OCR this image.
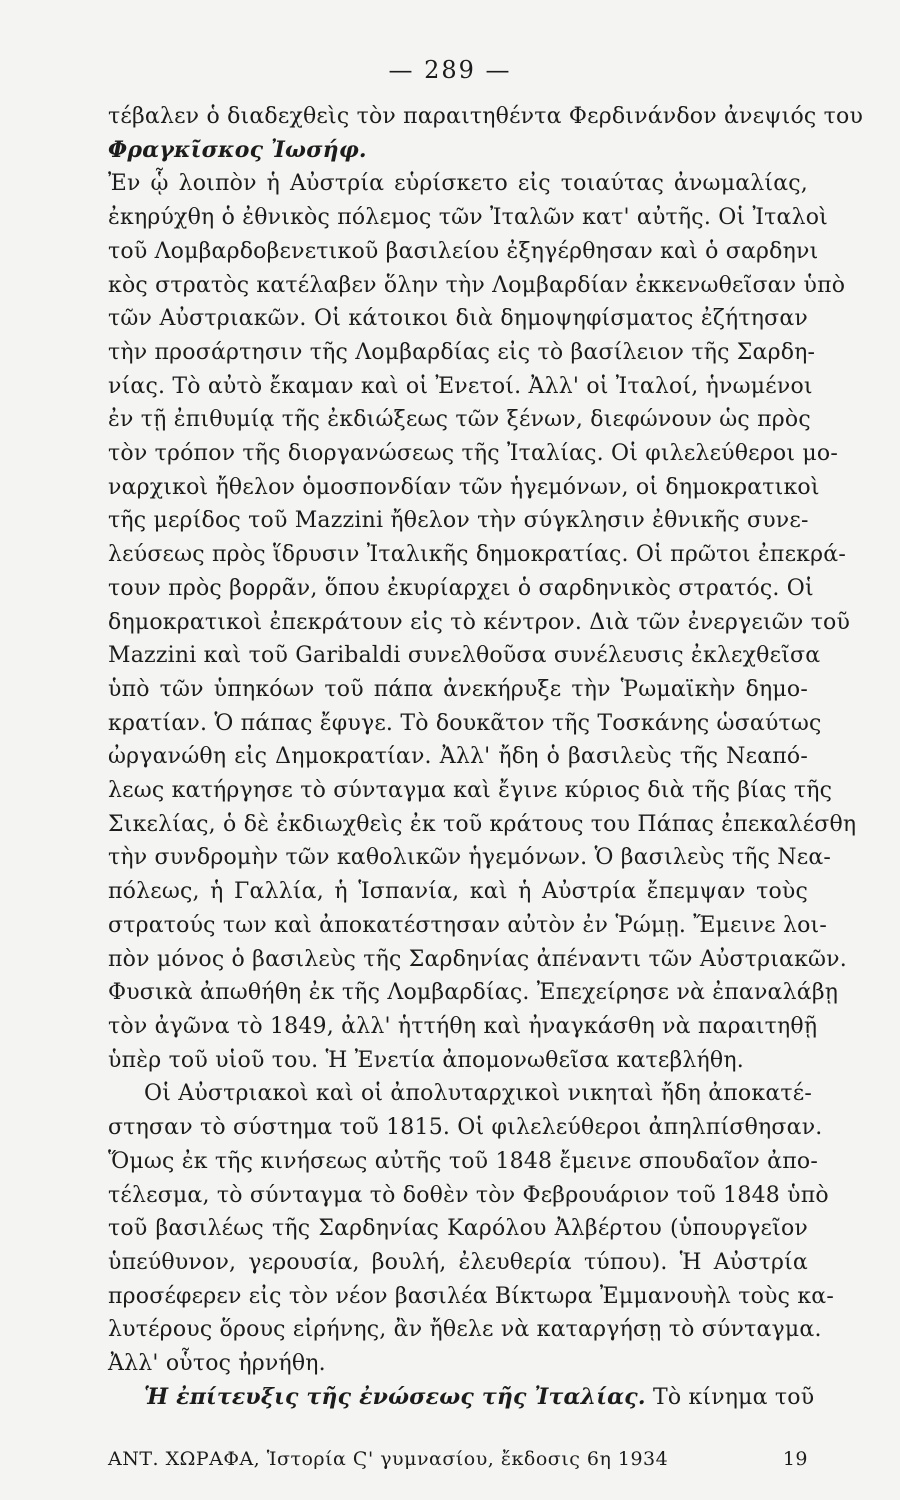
— 289 —
τέβαλεν ὁ διαδεχθεὶς τὸν παραιτηθέντα Φερδινάνδον ἀνεψιός του
Φραγκῖσκος Ἰωσήφ.
Ἐν ᾧ λοιπὸν ἡ Αὐστρία εὑρίσκετο εἰς τοιαύτας ἀνωμαλίας,
ἐκηρύχθη ὁ ἐθνικὸς πόλεμος τῶν Ἰταλῶν κατ' αὐτῆς. Οἱ Ἰταλοὶ
τοῦ Λομβαρδοβενετικοῦ βασιλείου ἐξηγέρθησαν καὶ ὁ σαρδηνι
κὸς στρατὸς κατέλαβεν ὅλην τὴν Λομβαρδίαν ἐκκενωθεῖσαν ὑπὸ
τῶν Αὐστριακῶν. Οἱ κάτοικοι διὰ δημοψηφίσματος ἐζήτησαν
τὴν προσάρτησιν τῆς Λομβαρδίας εἰς τὸ βασίλειον τῆς Σαρδη-
νίας. Τὸ αὐτὸ ἔκαμαν καὶ οἱ Ἐνετοί. Ἀλλ' οἱ Ἰταλοί, ἡνωμένοι
ἐν τῇ ἐπιθυμίᾳ τῆς ἐκδιώξεως τῶν ξένων, διεφώνουν ὡς πρὸς
τὸν τρόπον τῆς διοργανώσεως τῆς Ἰταλίας. Οἱ φιλελεύθεροι μο-
ναρχικοὶ ἤθελον ὁμοσπονδίαν τῶν ἡγεμόνων, οἱ δημοκρατικοὶ
τῆς μερίδος τοῦ Mazzini ἤθελον τὴν σύγκλησιν ἐθνικῆς συνε-
λεύσεως πρὸς ἵδρυσιν Ἰταλικῆς δημοκρατίας. Οἱ πρῶτοι ἐπεκρά-
τουν πρὸς βορρᾶν, ὅπου ἐκυρίαρχει ὁ σαρδηνικὸς στρατός. Οἱ
δημοκρατικοὶ ἐπεκράτουν εἰς τὸ κέντρον. Διὰ τῶν ἐνεργειῶν τοῦ
Mazzini καὶ τοῦ Garibaldi συνελθοῦσα συνέλευσις ἐκλεχθεῖσα
ὑπὸ τῶν ὑπηκόων τοῦ πάπα ἀνεκήρυξε τὴν Ῥωμαϊκὴν δημο-
κρατίαν. Ὁ πάπας ἔφυγε. Τὸ δουκᾶτον τῆς Τοσκάνης ὡσαύτως
ὠργανώθη εἰς Δημοκρατίαν. Ἀλλ' ἤδη ὁ βασιλεὺς τῆς Νεαπό-
λεως κατήργησε τὸ σύνταγμα καὶ ἔγινε κύριος διὰ τῆς βίας τῆς
Σικελίας, ὁ δὲ ἐκδιωχθεὶς ἐκ τοῦ κράτους του Πάπας ἐπεκαλέσθη
τὴν συνδρομὴν τῶν καθολικῶν ἡγεμόνων. Ὁ βασιλεὺς τῆς Νεα-
πόλεως, ἡ Γαλλία, ἡ Ἱσπανία, καὶ ἡ Αὐστρία ἔπεμψαν τοὺς
στρατούς των καὶ ἀποκατέστησαν αὐτὸν ἐν Ῥώμῃ. Ἔμεινε λοι-
πὸν μόνος ὁ βασιλεὺς τῆς Σαρδηνίας ἀπέναντι τῶν Αὐστριακῶν.
Φυσικὰ ἀπωθήθη ἐκ τῆς Λομβαρδίας. Ἐπεχείρησε νὰ ἐπαναλάβῃ
τὸν ἀγῶνα τὸ 1849, ἀλλ' ἡττήθη καὶ ἠναγκάσθη νὰ παραιτηθῇ
ὑπὲρ τοῦ υἱοῦ του. Ἡ Ἐνετία ἀπομονωθεῖσα κατεβλήθη.
Οἱ Αὐστριακοὶ καὶ οἱ ἀπολυταρχικοὶ νικηταὶ ἤδη ἀποκατέ-
στησαν τὸ σύστημα τοῦ 1815. Οἱ φιλελεύθεροι ἀπηλπίσθησαν.
Ὅμως ἐκ τῆς κινήσεως αὐτῆς τοῦ 1848 ἔμεινε σπουδαῖον ἀπο-
τέλεσμα, τὸ σύνταγμα τὸ δοθὲν τὸν Φεβρουάριον τοῦ 1848 ὑπὸ
τοῦ βασιλέως τῆς Σαρδηνίας Καρόλου Ἀλβέρτου (ὑπουργεῖον
ὑπεύθυνον, γερουσία, βουλή, ἐλευθερία τύπου). Ἡ Αὐστρία
προσέφερεν εἰς τὸν νέον βασιλέα Βίκτωρα Ἐμμανουὴλ τοὺς κα-
λυτέρους ὅρους εἰρήνης, ἂν ἤθελε νὰ καταργήσῃ τὸ σύνταγμα.
Ἀλλ' οὗτος ἠρνήθη.
Ἡ ἐπίτευξις τῆς ἐνώσεως τῆς Ἰταλίας. Τὸ κίνημα τοῦ
ΑΝΤ. ΧΩΡΑΦΑ, Ἱστορία Ϛ' γυμνασίου, ἔκδοσις 6η 1934	19
